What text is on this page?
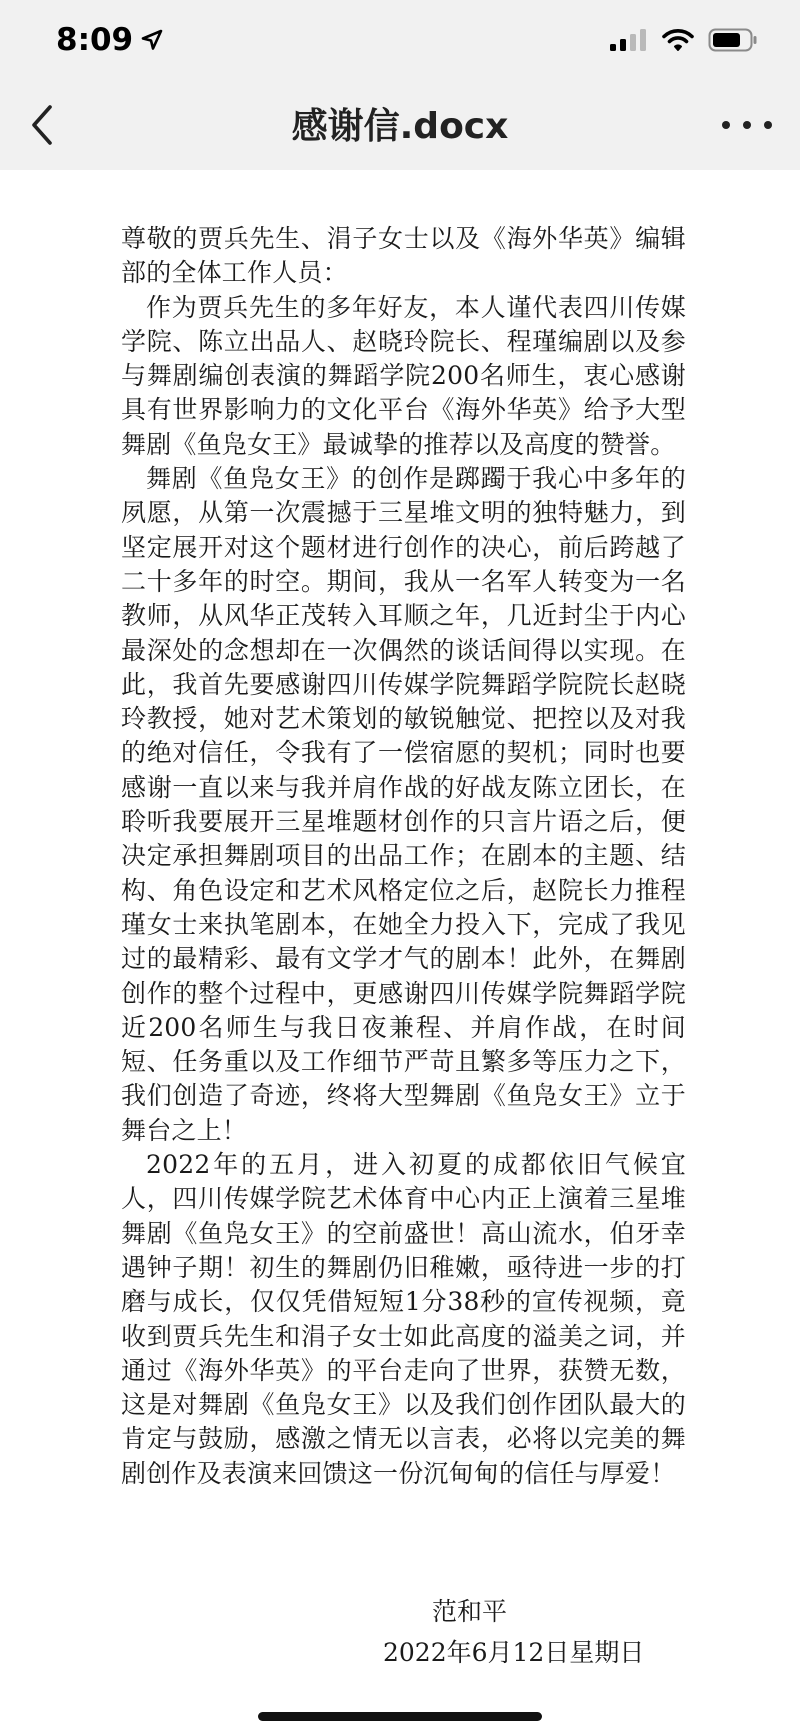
8:09
感谢信.docx

尊敬的贾兵先生、涓子女士以及《海外华英》编辑部的全体工作人员：

作为贾兵先生的多年好友，本人谨代表四川传媒学院、陈立出品人、赵晓玲院长、程瑾编剧以及参与舞剧编创表演的舞蹈学院200名师生，衷心感谢具有世界影响力的文化平台《海外华英》给予大型舞剧《鱼凫女王》最诚挚的推荐以及高度的赞誉。

舞剧《鱼凫女王》的创作是踯躅于我心中多年的夙愿，从第一次震撼于三星堆文明的独特魅力，到坚定展开对这个题材进行创作的决心，前后跨越了二十多年的时空。期间，我从一名军人转变为一名教师，从风华正茂转入耳顺之年，几近封尘于内心最深处的念想却在一次偶然的谈话间得以实现。在此，我首先要感谢四川传媒学院舞蹈学院院长赵晓玲教授，她对艺术策划的敏锐触觉、把控以及对我的绝对信任，令我有了一偿宿愿的契机；同时也要感谢一直以来与我并肩作战的好战友陈立团长，在聆听我要展开三星堆题材创作的只言片语之后，便决定承担舞剧项目的出品工作；在剧本的主题、结构、角色设定和艺术风格定位之后，赵院长力推程瑾女士来执笔剧本，在她全力投入下，完成了我见过的最精彩、最有文学才气的剧本！此外，在舞剧创作的整个过程中，更感谢四川传媒学院舞蹈学院近200名师生与我日夜兼程、并肩作战，在时间短、任务重以及工作细节严苛且繁多等压力之下，我们创造了奇迹，终将大型舞剧《鱼凫女王》立于舞台之上！

2022年的五月，进入初夏的成都依旧气候宜人，四川传媒学院艺术体育中心内正上演着三星堆舞剧《鱼凫女王》的空前盛世！高山流水，伯牙幸遇钟子期！初生的舞剧仍旧稚嫩，亟待进一步的打磨与成长，仅仅凭借短短1分38秒的宣传视频，竟收到贾兵先生和涓子女士如此高度的溢美之词，并通过《海外华英》的平台走向了世界，获赞无数，这是对舞剧《鱼凫女王》以及我们创作团队最大的肯定与鼓励，感激之情无以言表，必将以完美的舞剧创作及表演来回馈这一份沉甸甸的信任与厚爱！

范和平
2022年6月12日星期日
